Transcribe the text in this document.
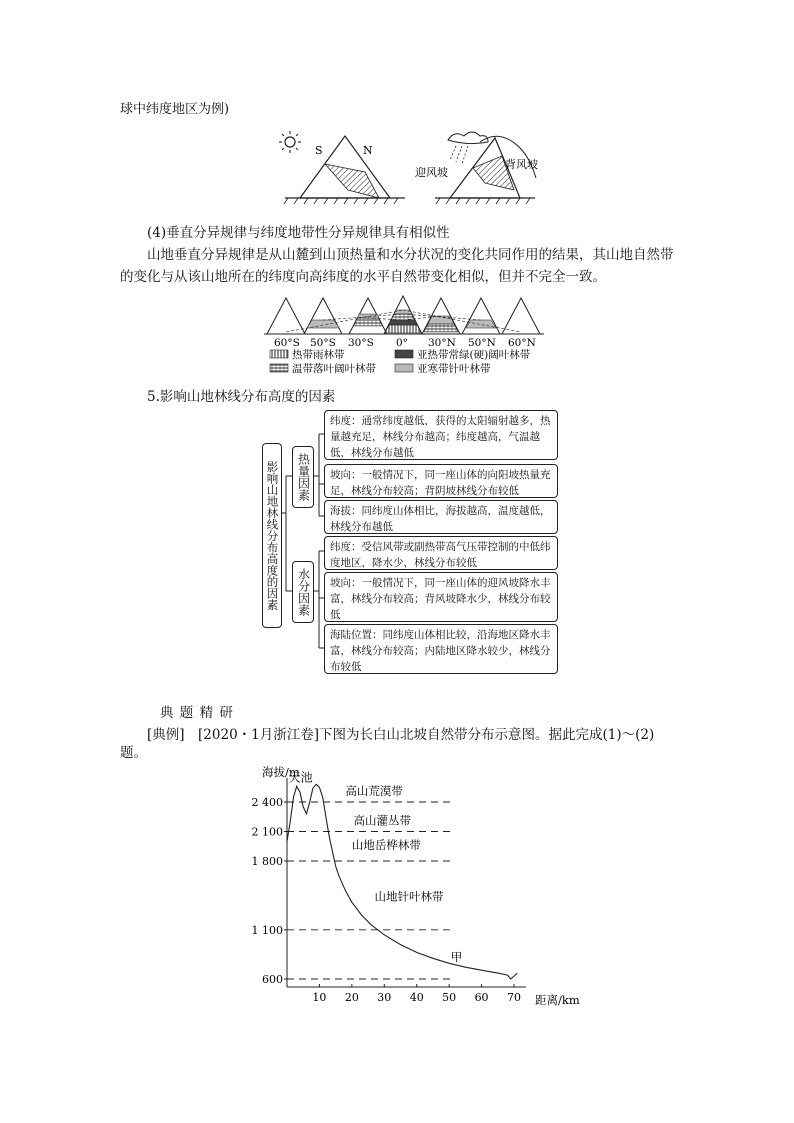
球中纬度地区为例)
S	N
迎风坡
背风坡
(4)垂直分异规律与纬度地带性分异规律具有相似性
山地垂直分异规律是从山麓到山顶热量和水分状况的变化共同作用的结果，其山地自然带的变化与从该山地所在的纬度向高纬度的水平自然带变化相似，但并不完全一致。
60°S 50°S 30°S 0° 30°N 50°N 60°N
热带雨林带	亚热带常绿(硬)阔叶林带
温带落叶阔叶林带	亚寒带针叶林带
5.影响山地林线分布高度的因素
影响山地林线分布高度的因素	热量因素
水分因素
纬度：通常纬度越低，获得的太阳辐射越多，热量越充足，林线分布越高；纬度越高，气温越低，林线分布越低
坡向：一般情况下，同一座山体的向阳坡热量充足，林线分布较高；背阴坡林线分布较低
海拔：同纬度山体相比，海拔越高，温度越低，林线分布越低
纬度：受信风带或副热带高气压带控制的中低纬度地区，降水少，林线分布较低
坡向：一般情况下，同一座山体的迎风坡降水丰富，林线分布较高；背风坡降水少，林线分布较低
海陆位置：同纬度山体相比较，沿海地区降水丰富，林线分布较高；内陆地区降水较少，林线分布较低
典 题 精 研
[典例]　[2020・1月浙江卷]下图为长白山北坡自然带分布示意图。据此完成(1)～(2)
题。
海拔/m
距离/km
600
1 100
1 800
2 100
2 400
10 20 30 40 50 60 70
高山荒漠带
高山灌丛带
山地岳桦林带
山地针叶林带
天池
甲
